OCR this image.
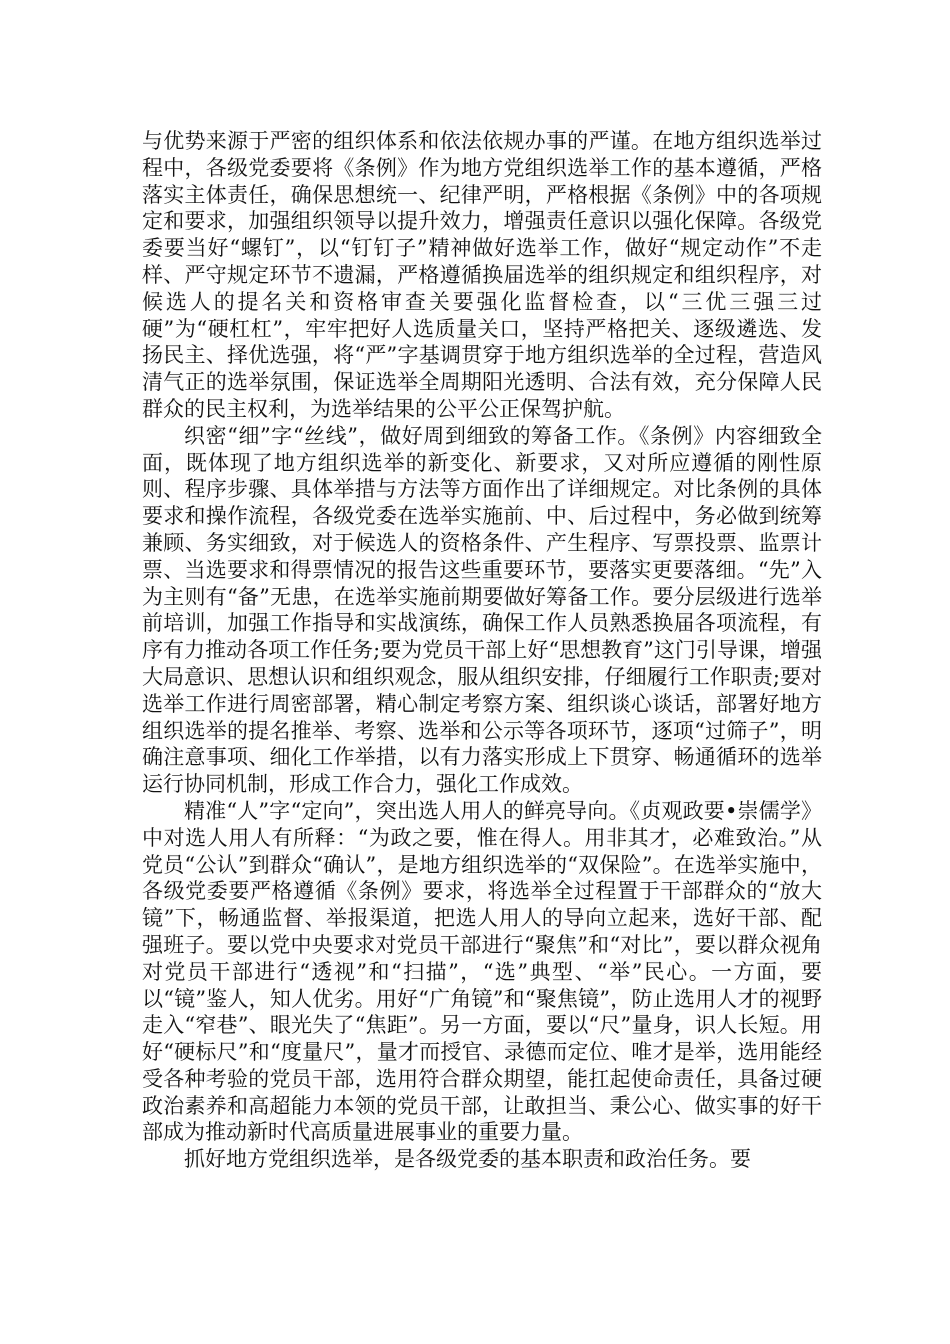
与优势来源于严密的组织体系和依法依规办事的严谨。在地方组织选举过程中，各级党委要将《条例》作为地方党组织选举工作的基本遵循，严格落实主体责任，确保思想统一、纪律严明，严格根据《条例》中的各项规定和要求，加强组织领导以提升效力，增强责任意识以强化保障。各级党委要当好“螺钉”，以“钉钉子”精神做好选举工作，做好“规定动作”不走样、严守规定环节不遗漏，严格遵循换届选举的组织规定和组织程序，对候选人的提名关和资格审查关要强化监督检查，以“三优三强三过硬”为“硬杠杠”，牢牢把好人选质量关口，坚持严格把关、逐级遴选、发扬民主、择优选强，将“严”字基调贯穿于地方组织选举的全过程，营造风清气正的选举氛围，保证选举全周期阳光透明、合法有效，充分保障人民群众的民主权利，为选举结果的公平公正保驾护航。

织密“细”字“丝线”，做好周到细致的筹备工作。《条例》内容细致全面，既体现了地方组织选举的新变化、新要求，又对所应遵循的刚性原则、程序步骤、具体举措与方法等方面作出了详细规定。对比条例的具体要求和操作流程，各级党委在选举实施前、中、后过程中，务必做到统筹兼顾、务实细致，对于候选人的资格条件、产生程序、写票投票、监票计票、当选要求和得票情况的报告这些重要环节，要落实更要落细。“先”入为主则有“备”无患，在选举实施前期要做好筹备工作。要分层级进行选举前培训，加强工作指导和实战演练，确保工作人员熟悉换届各项流程，有序有力推动各项工作任务;要为党员干部上好“思想教育”这门引导课，增强大局意识、思想认识和组织观念，服从组织安排，仔细履行工作职责;要对选举工作进行周密部署，精心制定考察方案、组织谈心谈话，部署好地方组织选举的提名推举、考察、选举和公示等各项环节，逐项“过筛子”，明确注意事项、细化工作举措，以有力落实形成上下贯穿、畅通循环的选举运行协同机制，形成工作合力，强化工作成效。

精准“人”字“定向”，突出选人用人的鲜亮导向。《贞观政要•崇儒学》中对选人用人有所释：“为政之要，惟在得人。用非其才，必难致治。”从党员“公认”到群众“确认”，是地方组织选举的“双保险”。在选举实施中，各级党委要严格遵循《条例》要求，将选举全过程置于干部群众的“放大镜”下，畅通监督、举报渠道，把选人用人的导向立起来，选好干部、配强班子。要以党中央要求对党员干部进行“聚焦”和“对比”，要以群众视角对党员干部进行“透视”和“扫描”，“选”典型、“举”民心。一方面，要以“镜”鉴人，知人优劣。用好“广角镜”和“聚焦镜”，防止选用人才的视野走入“窄巷”、眼光失了“焦距”。另一方面，要以“尺”量身，识人长短。用好“硬标尺”和“度量尺”，量才而授官、录德而定位、唯才是举，选用能经受各种考验的党员干部，选用符合群众期望，能扛起使命责任，具备过硬政治素养和高超能力本领的党员干部，让敢担当、秉公心、做实事的好干部成为推动新时代高质量进展事业的重要力量。

抓好地方党组织选举，是各级党委的基本职责和政治任务。要
